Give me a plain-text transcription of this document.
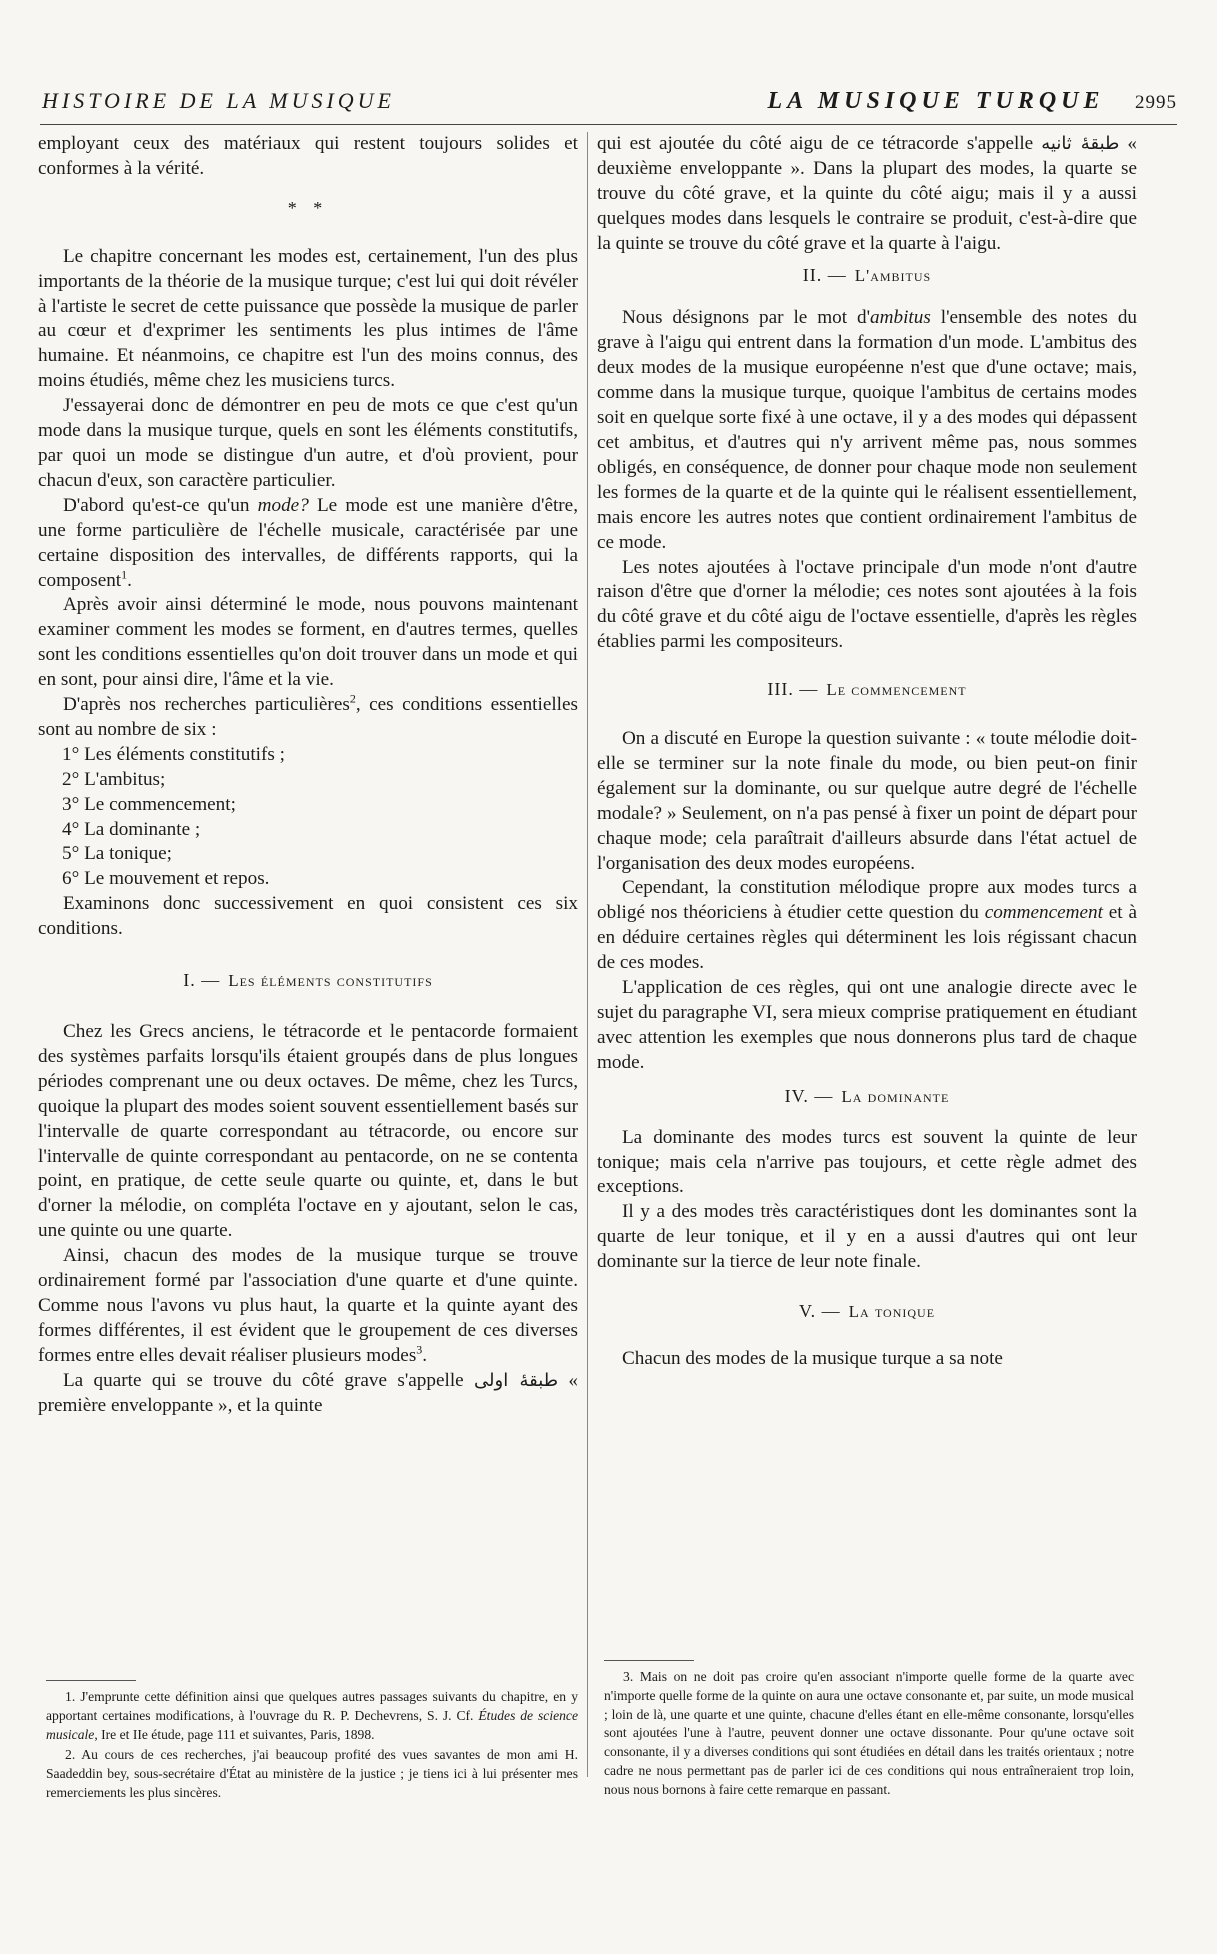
HISTOIRE DE LA MUSIQUE	LA MUSIQUE TURQUE 2995

employant ceux des matériaux qui restent toujours solides et conformes à la vérité.

* *

Le chapitre concernant les modes est, certainement, l'un des plus importants de la théorie de la musique turque; c'est lui qui doit révéler à l'artiste le secret de cette puissance que possède la musique de parler au cœur et d'exprimer les sentiments les plus intimes de l'âme humaine. Et néanmoins, ce chapitre est l'un des moins connus, des moins étudiés, même chez les musiciens turcs.

J'essayerai donc de démontrer en peu de mots ce que c'est qu'un mode dans la musique turque, quels en sont les éléments constitutifs, par quoi un mode se distingue d'un autre, et d'où provient, pour chacun d'eux, son caractère particulier.

D'abord qu'est-ce qu'un mode? Le mode est une manière d'être, une forme particulière de l'échelle musicale, caractérisée par une certaine disposition des intervalles, de différents rapports, qui la composent$^1$.

Après avoir ainsi déterminé le mode, nous pouvons maintenant examiner comment les modes se forment, en d'autres termes, quelles sont les conditions essentielles qu'on doit trouver dans un mode et qui en sont, pour ainsi dire, l'âme et la vie.

D'après nos recherches particulières$^2$, ces conditions essentielles sont au nombre de six :

1° Les éléments constitutifs ;
2° L'ambitus;
3° Le commencement;
4° La dominante ;
5° La tonique;
6° Le mouvement et repos.

Examinons donc successivement en quoi consistent ces six conditions.

I. — Les éléments constitutifs

Chez les Grecs anciens, le tétracorde et le pentacorde formaient des systèmes parfaits lorsqu'ils étaient groupés dans de plus longues périodes comprenant une ou deux octaves. De même, chez les Turcs, quoique la plupart des modes soient souvent essentiellement basés sur l'intervalle de quarte correspondant au tétracorde, ou encore sur l'intervalle de quinte correspondant au pentacorde, on ne se contenta point, en pratique, de cette seule quarte ou quinte, et, dans le but d'orner la mélodie, on compléta l'octave en y ajoutant, selon le cas, une quinte ou une quarte.

Ainsi, chacun des modes de la musique turque se trouve ordinairement formé par l'association d'une quarte et d'une quinte. Comme nous l'avons vu plus haut, la quarte et la quinte ayant des formes différentes, il est évident que le groupement de ces diverses formes entre elles devait réaliser plusieurs modes$^3$.

La quarte qui se trouve du côté grave s'appelle طبقهٔ اولى « première enveloppante », et la quinte

1. J'emprunte cette définition ainsi que quelques autres passages suivants du chapitre, en y apportant certaines modifications, à l'ouvrage du R. P. Dechevrens, S. J. Cf. Études de science musicale, Ire et IIe étude, page 111 et suivantes, Paris, 1898.

2. Au cours de ces recherches, j'ai beaucoup profité des vues savantes de mon ami H. Saadeddin bey, sous-secrétaire d'État au ministère de la justice ; je tiens ici à lui présenter mes remerciements les plus sincères.

qui est ajoutée du côté aigu de ce tétracorde s'appelle طبقهٔ ثانيه « deuxième enveloppante ». Dans la plupart des modes, la quarte se trouve du côté grave, et la quinte du côté aigu; mais il y a aussi quelques modes dans lesquels le contraire se produit, c'est-à-dire que la quinte se trouve du côté grave et la quarte à l'aigu.

II. — L'ambitus

Nous désignons par le mot d'ambitus l'ensemble des notes du grave à l'aigu qui entrent dans la formation d'un mode. L'ambitus des deux modes de la musique européenne n'est que d'une octave; mais, comme dans la musique turque, quoique l'ambitus de certains modes soit en quelque sorte fixé à une octave, il y a des modes qui dépassent cet ambitus, et d'autres qui n'y arrivent même pas, nous sommes obligés, en conséquence, de donner pour chaque mode non seulement les formes de la quarte et de la quinte qui le réalisent essentiellement, mais encore les autres notes que contient ordinairement l'ambitus de ce mode.

Les notes ajoutées à l'octave principale d'un mode n'ont d'autre raison d'être que d'orner la mélodie; ces notes sont ajoutées à la fois du côté grave et du côté aigu de l'octave essentielle, d'après les règles établies parmi les compositeurs.

III. — Le commencement

On a discuté en Europe la question suivante : « toute mélodie doit-elle se terminer sur la note finale du mode, ou bien peut-on finir également sur la dominante, ou sur quelque autre degré de l'échelle modale? » Seulement, on n'a pas pensé à fixer un point de départ pour chaque mode; cela paraîtrait d'ailleurs absurde dans l'état actuel de l'organisation des deux modes européens.

Cependant, la constitution mélodique propre aux modes turcs a obligé nos théoriciens à étudier cette question du commencement et à en déduire certaines règles qui déterminent les lois régissant chacun de ces modes.

L'application de ces règles, qui ont une analogie directe avec le sujet du paragraphe VI, sera mieux comprise pratiquement en étudiant avec attention les exemples que nous donnerons plus tard de chaque mode.

IV. — La dominante

La dominante des modes turcs est souvent la quinte de leur tonique; mais cela n'arrive pas toujours, et cette règle admet des exceptions.

Il y a des modes très caractéristiques dont les dominantes sont la quarte de leur tonique, et il y en a aussi d'autres qui ont leur dominante sur la tierce de leur note finale.

V. — La tonique

Chacun des modes de la musique turque a sa note

3. Mais on ne doit pas croire qu'en associant n'importe quelle forme de la quarte avec n'importe quelle forme de la quinte on aura une octave consonante et, par suite, un mode musical ; loin de là, une quarte et une quinte, chacune d'elles étant en elle-même consonante, lorsqu'elles sont ajoutées l'une à l'autre, peuvent donner une octave dissonante. Pour qu'une octave soit consonante, il y a diverses conditions qui sont étudiées en détail dans les traités orientaux ; notre cadre ne nous permettant pas de parler ici de ces conditions qui nous entraîneraient trop loin, nous nous bornons à faire cette remarque en passant.
